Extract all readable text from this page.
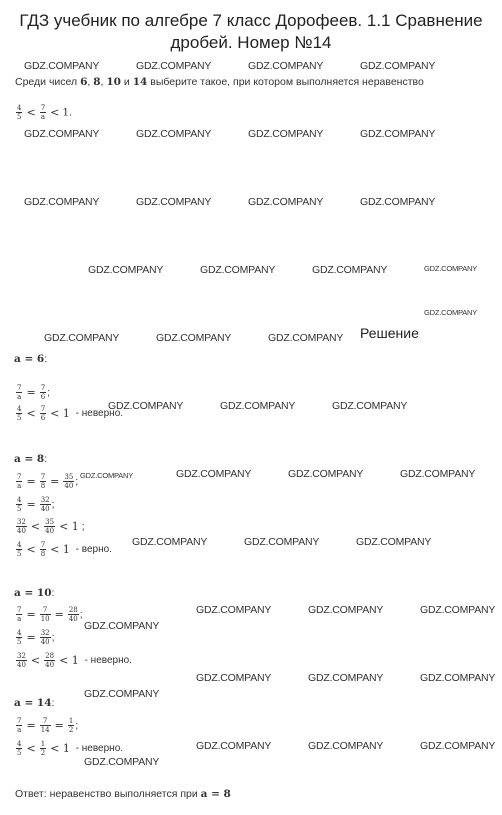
ГДЗ учебник по алгебре 7 класс Дорофеев. 1.1 Сравнение дробей. Номер №14
GDZ.COMPANY	GDZ.COMPANY	GDZ.COMPANY	GDZ.COMPANY
GDZ.COMPANY	GDZ.COMPANY	GDZ.COMPANY	GDZ.COMPANY
GDZ.COMPANY	GDZ.COMPANY	GDZ.COMPANY	GDZ.COMPANY
GDZ.COMPANY	GDZ.COMPANY	GDZ.COMPANY	GDZ.COMPANY
GDZ.COMPANY
GDZ.COMPANY	GDZ.COMPANY	GDZ.COMPANY
GDZ.COMPANY	GDZ.COMPANY	GDZ.COMPANY
GDZ.COMPANY	GDZ.COMPANY	GDZ.COMPANY	GDZ.COMPANY
GDZ.COMPANY	GDZ.COMPANY	GDZ.COMPANY
GDZ.COMPANY	GDZ.COMPANY	GDZ.COMPANY
GDZ.COMPANY
GDZ.COMPANY	GDZ.COMPANY	GDZ.COMPANY
GDZ.COMPANY
GDZ.COMPANY	GDZ.COMPANY	GDZ.COMPANY
GDZ.COMPANY
Среди чисел 6, 8, 10 и 14 выберите такое, при котором выполняется неравенство
$\frac{4}{5} < \frac{7}{a} < 1$.
Решение
a = 6:
$\frac{7}{a} = \frac{7}{6}$ ;
$\frac{4}{5} < \frac{7}{6} < 1$ - неверно.
a = 8:
$\frac{7}{a} = \frac{7}{8} = \frac{35}{40}$ ;
$\frac{4}{5} = \frac{32}{40}$ ;
$\frac{32}{40} < \frac{35}{40} < 1$ ;
$\frac{4}{5} < \frac{7}{8} < 1$ - верно.
a = 10:
$\frac{7}{a} = \frac{7}{10} = \frac{28}{40}$ ;
$\frac{4}{5} = \frac{32}{40}$ ;
$\frac{32}{40} < \frac{28}{40} < 1$ - неверно.
a = 14:
$\frac{7}{a} = \frac{7}{14} = \frac{1}{2}$ ;
$\frac{4}{5} < \frac{1}{2} < 1$ - неверно.
Ответ: неравенство выполняется при a = 8
